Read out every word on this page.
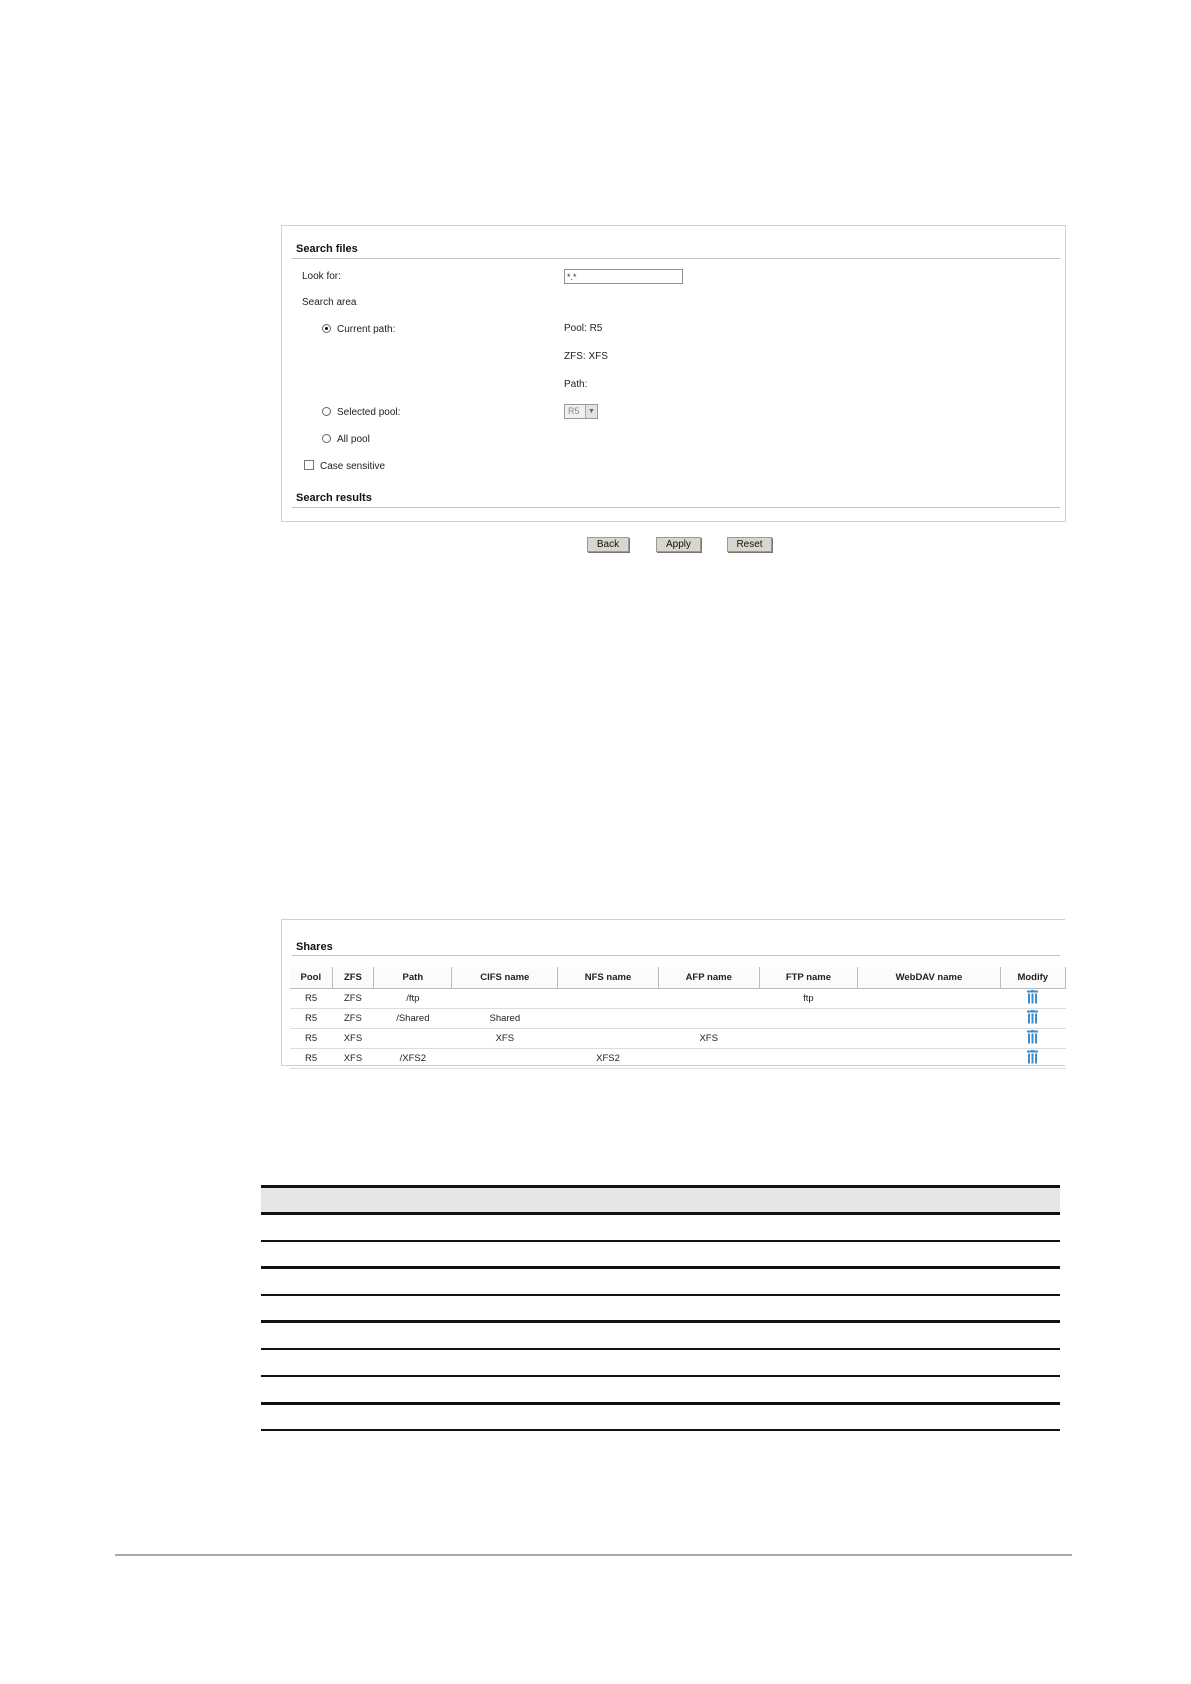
Search files
Look for:
*.*
Search area
Current path:	Pool: R5
ZFS: XFS
Path:
Selected pool:	R5	▼
All pool
Case sensitive
Search results
Back	Apply	Reset
Shares
Pool	ZFS	Path	CIFS name	NFS name	AFP name	FTP name	WebDAV name	Modify
R5	ZFS	/ftp				ftp		
R5	ZFS	/Shared	Shared					
R5	XFS		XFS		XFS			
R5	XFS	/XFS2		XFS2				
